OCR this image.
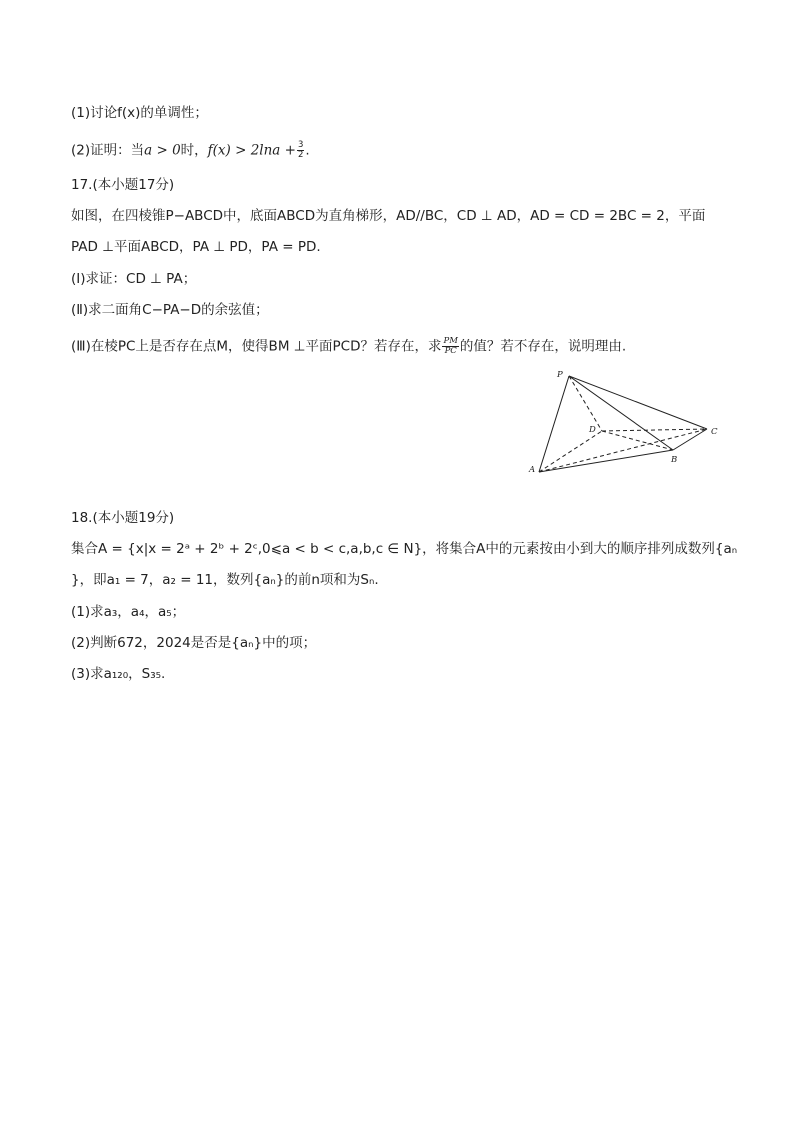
(1)讨论f(x)的单调性；
(2)证明：当a > 0时，$f(x) > 2\ln a + \frac{3}{2}$ .
17.(本小题17分)
如图，在四棱锥P−ABCD中，底面ABCD为直角梯形，AD//BC，CD ⊥ AD，AD = CD = 2BC = 2，平面
PAD ⊥平面ABCD，PA ⊥ PD，PA = PD.
(Ⅰ)求证：CD ⊥ PA；
(Ⅱ)求二面角C−PA−D的余弦值；
(Ⅲ)在棱PC上是否存在点M，使得BM ⊥平面PCD？若存在，求 $\frac{PM}{PC}$ 的值？若不存在，说明理由.
P
D	C
A
B
18.(本小题19分)
集合A = {x|x = 2ᵃ + 2ᵇ + 2ᶜ,0⩽a < b < c,a,b,c ∈ N}，将集合A中的元素按由小到大的顺序排列成数列{aₙ
}，即a₁ = 7，a₂ = 11，数列{aₙ}的前n项和为Sₙ.
(1)求a₃，a₄，a₅；
(2)判断672，2024是否是{aₙ}中的项；
(3)求a₁₂₀，S₃₅.
